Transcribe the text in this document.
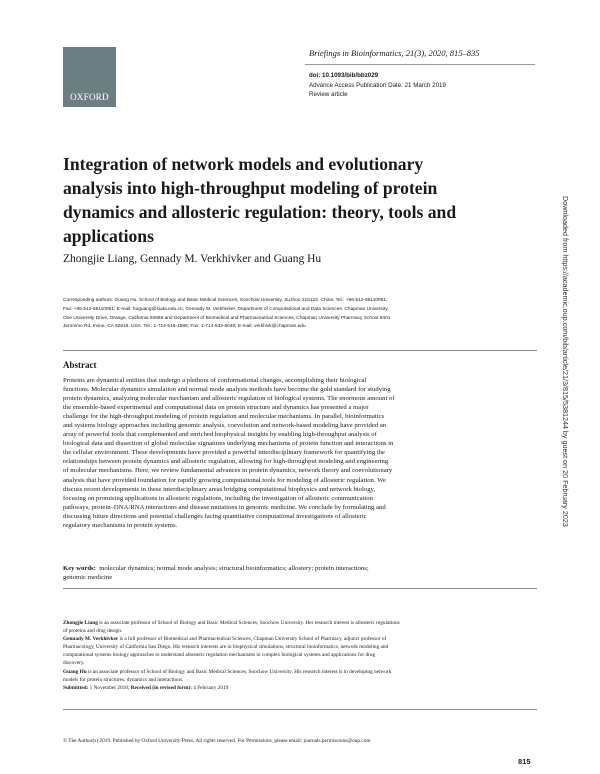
OXFORD
Briefings in Bioinformatics, 21(3), 2020, 815–835
doi: 10.1093/bib/bbz029
Advance Access Publication Date: 21 March 2019
Review article
Integration of network models and evolutionary
analysis into high-throughput modeling of protein
dynamics and allosteric regulation: theory, tools and
applications
Zhongjie Liang, Gennady M. Verkhivker and Guang Hu
Corresponding authors: Guang Hu, School of Biology and Basic Medical Sciences, Soochow University, Suzhou 215123, China. Tel.: +86-512-65110951;
Fax: +86-512-65110951; E-mail: huguang@suda.edu.cn; Gennady M. Verkhivker, Department of Computational and Data Sciences, Chapman University,
One University Drive, Orange, California 92866 and Department of Biomedical and Pharmaceutical Sciences, Chapman University Pharmacy School 9401
Jeronimo Rd, Irvine, CA 92618, USA. Tel.: 1-714-516-4586; Fax: 1-714-532-6048; E-mail: verkhivk@chapman.edu	Downloaded from https://academic.oup.com/bib/article/21/3/815/5381244 by guest on 20 February 2023
Abstract
Proteins are dynamical entities that undergo a plethora of conformational changes, accomplishing their biological
functions. Molecular dynamics simulation and normal mode analysis methods have become the gold standard for studying
protein dynamics, analyzing molecular mechanism and allosteric regulation of biological systems. The enormous amount of
the ensemble-based experimental and computational data on protein structure and dynamics has presented a major
challenge for the high-throughput modeling of protein regulation and molecular mechanisms. In parallel, bioinformatics
and systems biology approaches including genomic analysis, coevolution and network-based modeling have provided an
array of powerful tools that complemented and enriched biophysical insights by enabling high-throughput analysis of
biological data and dissection of global molecular signatures underlying mechanisms of protein function and interactions in
the cellular environment. These developments have provided a powerful interdisciplinary framework for quantifying the
relationships between protein dynamics and allosteric regulation, allowing for high-throughput modeling and engineering
of molecular mechanisms. Here, we review fundamental advances in protein dynamics, network theory and coevolutionary
analysis that have provided foundation for rapidly growing computational tools for modeling of allosteric regulation. We
discuss recent developments in these interdisciplinary areas bridging computational biophysics and network biology,
focusing on promising applications in allosteric regulations, including the investigation of allosteric communication
pathways, protein–DNA/RNA interactions and disease mutations in genomic medicine. We conclude by formulating and
discussing future directions and potential challenges facing quantitative computational investigations of allosteric
regulatory mechanisms in protein systems.
Key words: molecular dynamics; normal mode analysis; structural bioinformatics; allostery; protein interactions;
genomic medicine
Zhongjie Liang is an associate professor of School of Biology and Basic Medical Sciences, Soochow University. Her research interest is allosteric regulations
of proteins and drug design.
Gennady M. Verkhivker is a full professor of Biomedical and Pharmaceutical Sciences, Chapman University School of Pharmacy, adjunct professor of
Pharmacology, University of California San Diego. His research interests are in biophysical simulations, structural bioinformatics, network modeling and
computational systems biology approaches to understand allosteric regulation mechanisms in complex biological systems and applications for drug
discovery.
Guang Hu is an associate professor of School of Biology and Basic Medical Sciences, Soochow University. His research interest is in developing network
models for protein structures, dynamics and interactions.
Submitted: 1 November 2018; Received (in revised form): 4 February 2019
© The Author(s) 2019. Published by Oxford University Press. All rights reserved. For Permissions, please email: journals.permissions@oup.com
815
